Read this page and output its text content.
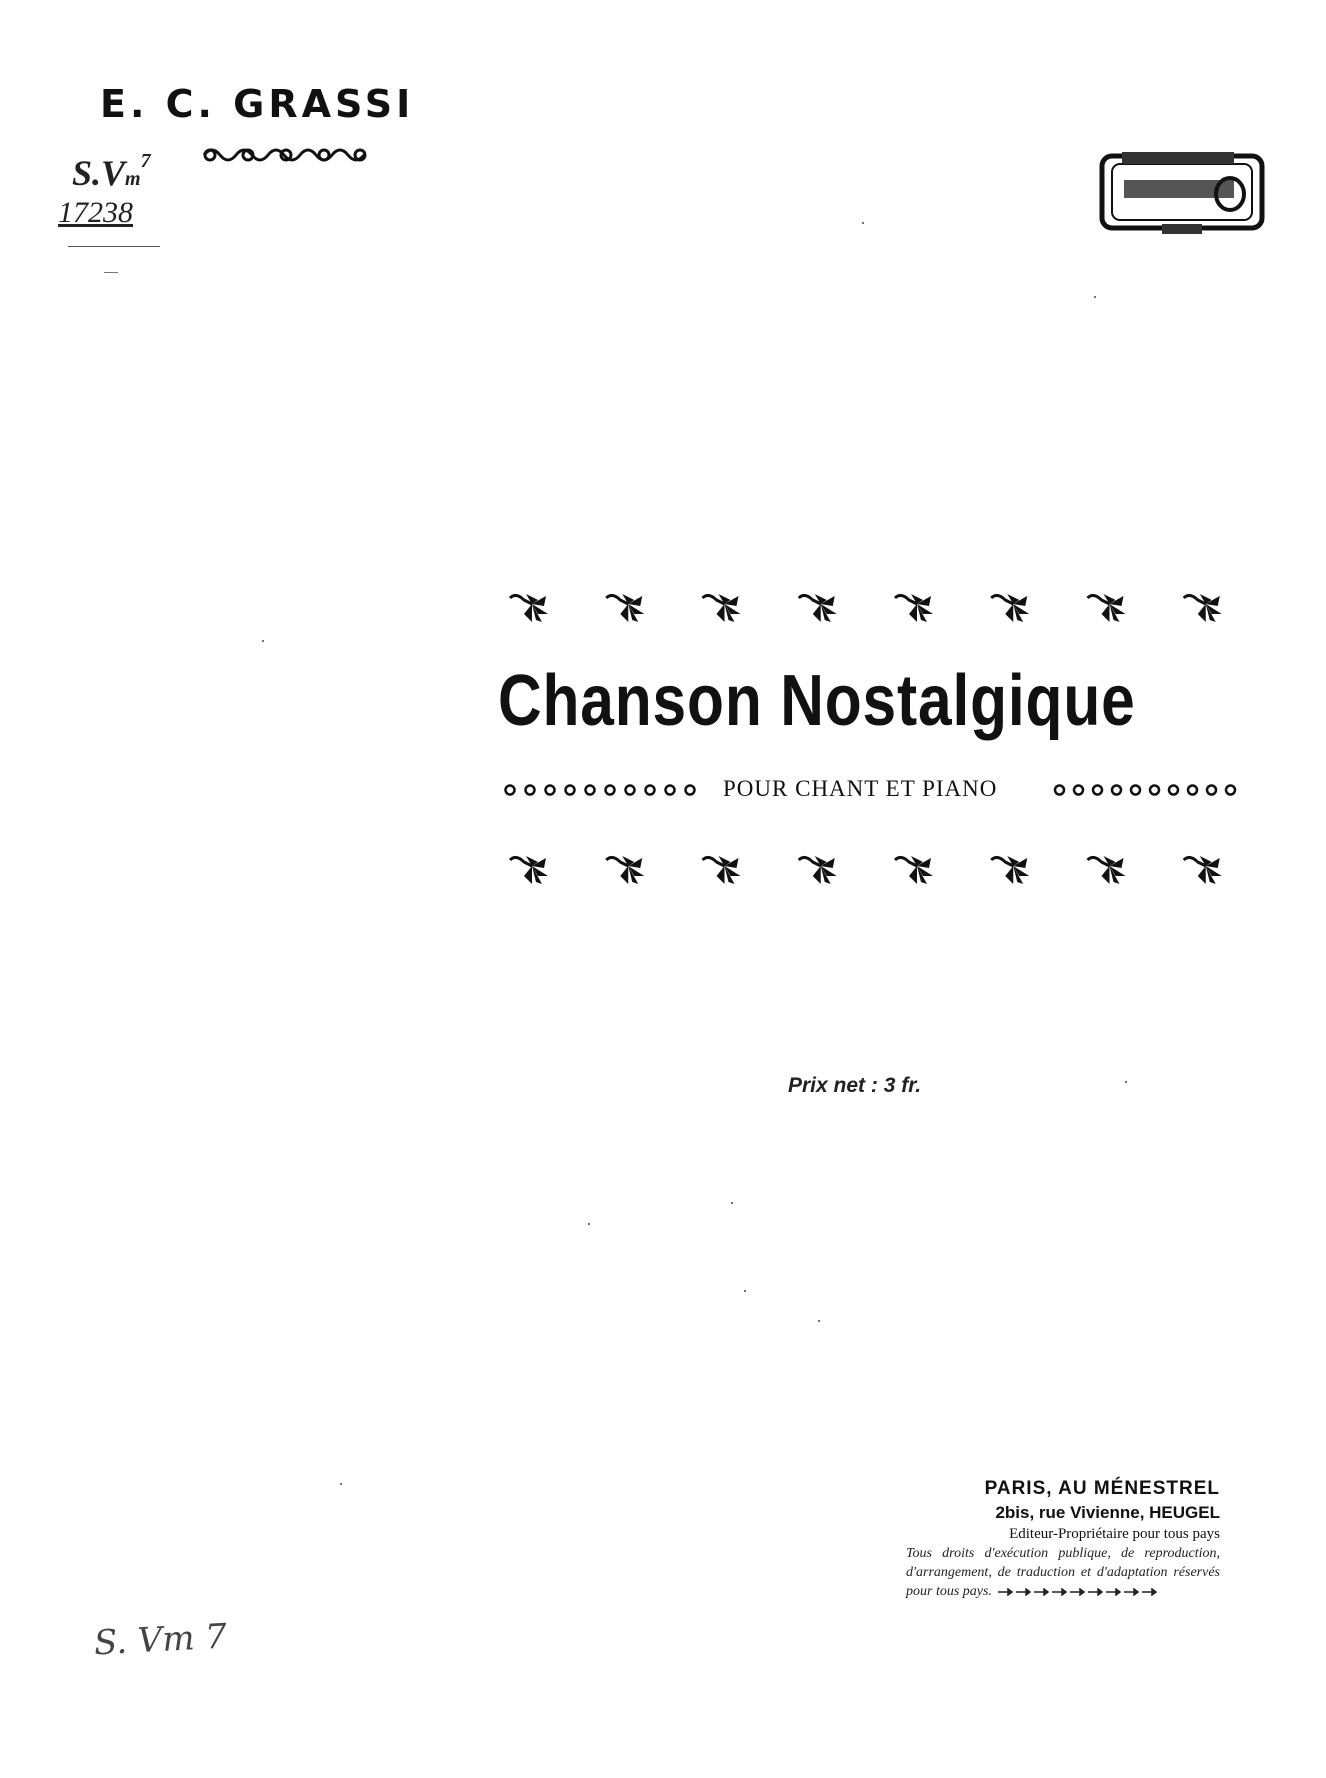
E. C. GRASSI
S.Vm$^7$
17238
Chanson Nostalgique
POUR CHANT ET PIANO
Prix net : 3 fr.
PARIS, AU MÉNESTREL
2bis, rue Vivienne, HEUGEL
Editeur-Propriétaire pour tous pays
Tous droits d'exécution publique, de reproduction, d'arrangement, de traduction et d'adaptation réservés pour tous pays.
S. Vm 7
